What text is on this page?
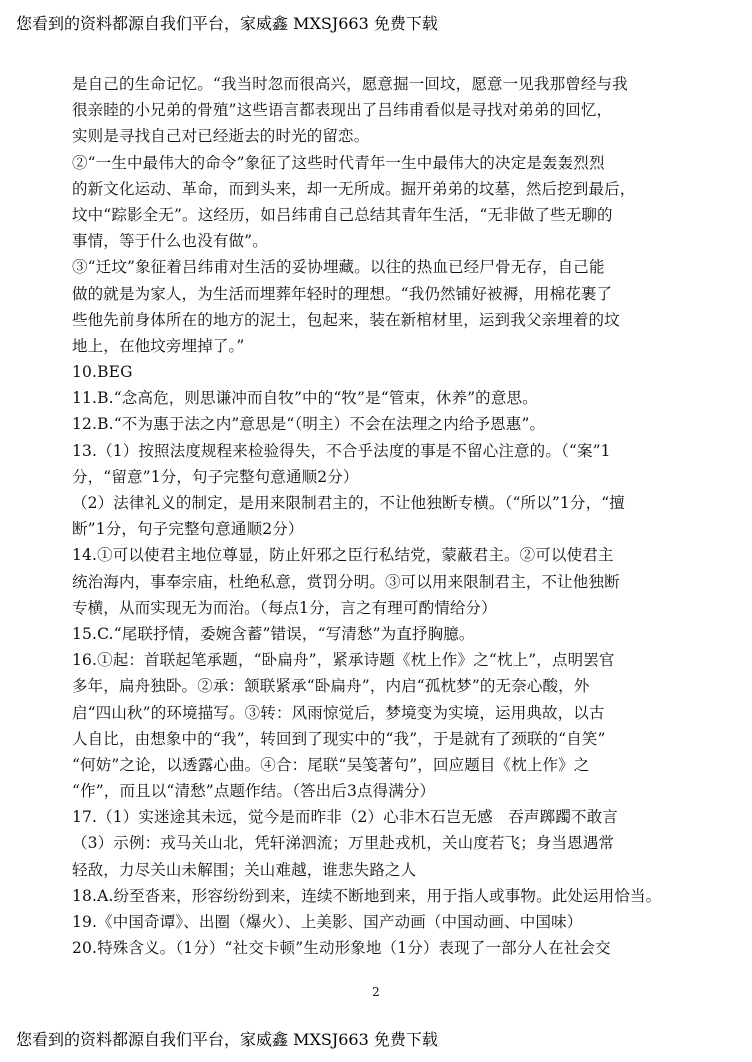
您看到的资料都源自我们平台，家威鑫 MXSJ663 免费下载
是自己的生命记忆。“我当时忽而很高兴，愿意掘一回坟，愿意一见我那曾经与我
很亲睦的小兄弟的骨殖”这些语言都表现出了吕纬甫看似是寻找对弟弟的回忆，
实则是寻找自己对已经逝去的时光的留恋。
②“一生中最伟大的命令”象征了这些时代青年一生中最伟大的决定是轰轰烈烈
的新文化运动、革命，而到头来，却一无所成。掘开弟弟的坟墓，然后挖到最后，
坟中“踪影全无”。这经历，如吕纬甫自己总结其青年生活，“无非做了些无聊的
事情，等于什么也没有做”。
③“迁坟”象征着吕纬甫对生活的妥协埋藏。以往的热血已经尸骨无存，自己能
做的就是为家人，为生活而埋葬年轻时的理想。“我仍然铺好被褥，用棉花裹了
些他先前身体所在的地方的泥土，包起来，装在新棺材里，运到我父亲埋着的坟
地上，在他坟旁埋掉了。”
10.BEG
11.B.“念高危，则思谦冲而自牧”中的“牧”是“管束，休养”的意思。
12.B.“不为惠于法之内”意思是“（明主）不会在法理之内给予恩惠”。
13.（1）按照法度规程来检验得失，不合乎法度的事是不留心注意的。（“案”1
分，“留意”1分，句子完整句意通顺2分）
（2）法律礼义的制定，是用来限制君主的，不让他独断专横。（“所以”1分，“擅
断”1分，句子完整句意通顺2分）
14.①可以使君主地位尊显，防止奸邪之臣行私结党，蒙蔽君主。②可以使君主
统治海内，事奉宗庙，杜绝私意，赏罚分明。③可以用来限制君主，不让他独断
专横，从而实现无为而治。（每点1分，言之有理可酌情给分）
15.C.“尾联抒情，委婉含蓄”错误，“写清愁”为直抒胸臆。
16.①起：首联起笔承题，“卧扁舟”，紧承诗题《枕上作》之“枕上”，点明罢官
多年，扁舟独卧。②承：颔联紧承“卧扁舟”，内启“孤枕梦”的无奈心酸，外
启“四山秋”的环境描写。③转：风雨惊觉后，梦境变为实境，运用典故，以古
人自比，由想象中的“我”，转回到了现实中的“我”，于是就有了颈联的“自笑”
“何妨”之论，以透露心曲。④合：尾联“吴笺著句”，回应题目《枕上作》之
“作”，而且以“清愁”点题作结。（答出后3点得满分）
17.（1）实迷途其未远，觉今是而昨非（2）心非木石岂无感　吞声踯躅不敢言
（3）示例：戎马关山北，凭轩涕泗流；万里赴戎机，关山度若飞；身当恩遇常
轻敌，力尽关山未解围；关山难越，谁悲失路之人
18.A.纷至沓来，形容纷纷到来，连续不断地到来，用于指人或事物。此处运用恰当。
19.《中国奇谭》、出圈（爆火）、上美影、国产动画（中国动画、中国味）
20.特殊含义。（1分）“社交卡顿”生动形象地（1分）表现了一部分人在社会交
2
您看到的资料都源自我们平台，家威鑫 MXSJ663 免费下载
